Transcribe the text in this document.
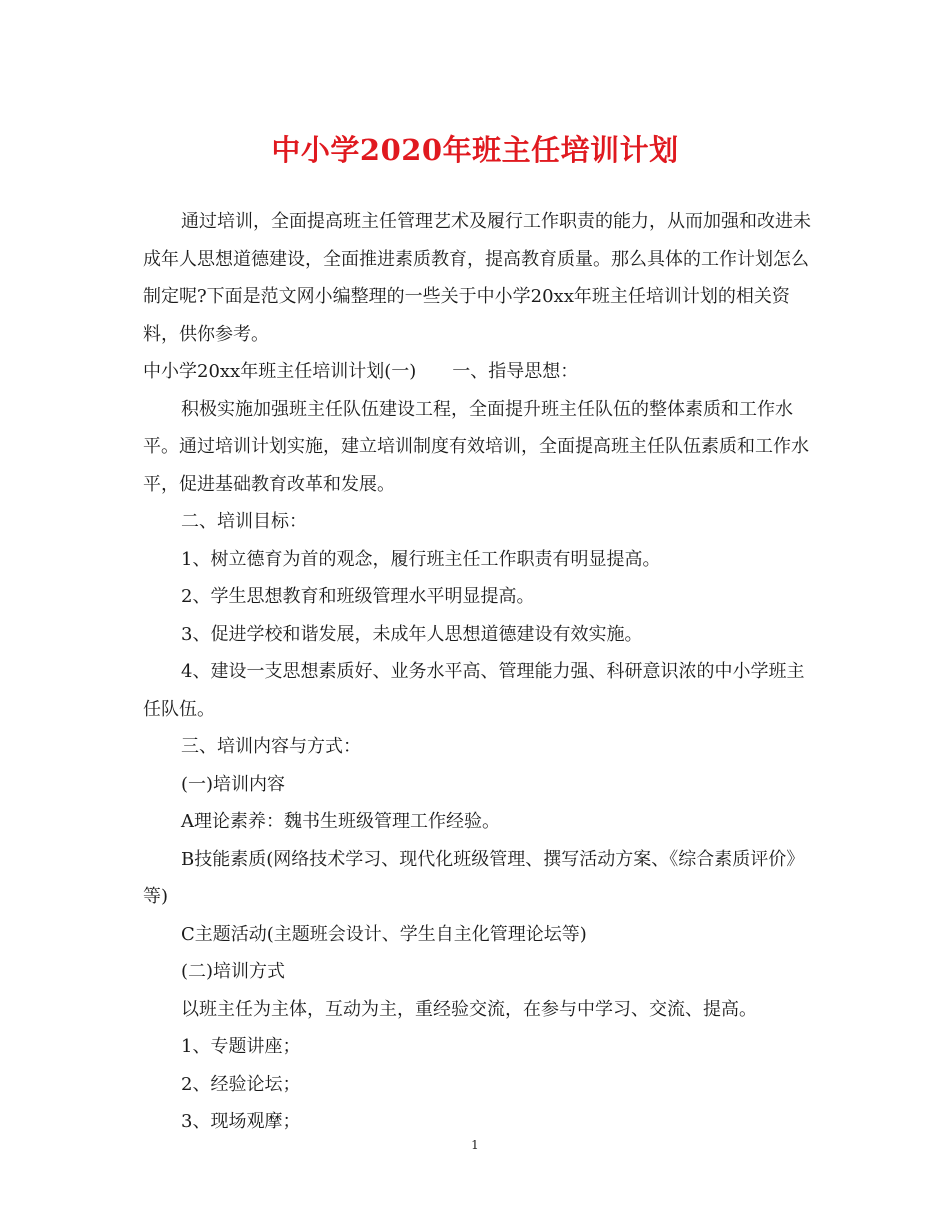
中小学2020年班主任培训计划

通过培训，全面提高班主任管理艺术及履行工作职责的能力，从而加强和改进未成年人思想道德建设，全面推进素质教育，提高教育质量。那么具体的工作计划怎么制定呢?下面是范文网小编整理的一些关于中小学20xx年班主任培训计划的相关资料，供你参考。

中小学20xx年班主任培训计划(一) 一、指导思想：

积极实施加强班主任队伍建设工程，全面提升班主任队伍的整体素质和工作水平。通过培训计划实施，建立培训制度有效培训，全面提高班主任队伍素质和工作水平，促进基础教育改革和发展。

二、培训目标：

1、树立德育为首的观念，履行班主任工作职责有明显提高。

2、学生思想教育和班级管理水平明显提高。

3、促进学校和谐发展，未成年人思想道德建设有效实施。

4、建设一支思想素质好、业务水平高、管理能力强、科研意识浓的中小学班主任队伍。

三、培训内容与方式：

(一)培训内容

A理论素养：魏书生班级管理工作经验。

B技能素质(网络技术学习、现代化班级管理、撰写活动方案、《综合素质评价》等)

C主题活动(主题班会设计、学生自主化管理论坛等)

(二)培训方式

以班主任为主体，互动为主，重经验交流，在参与中学习、交流、提高。

1、专题讲座；

2、经验论坛；

3、现场观摩；

1
